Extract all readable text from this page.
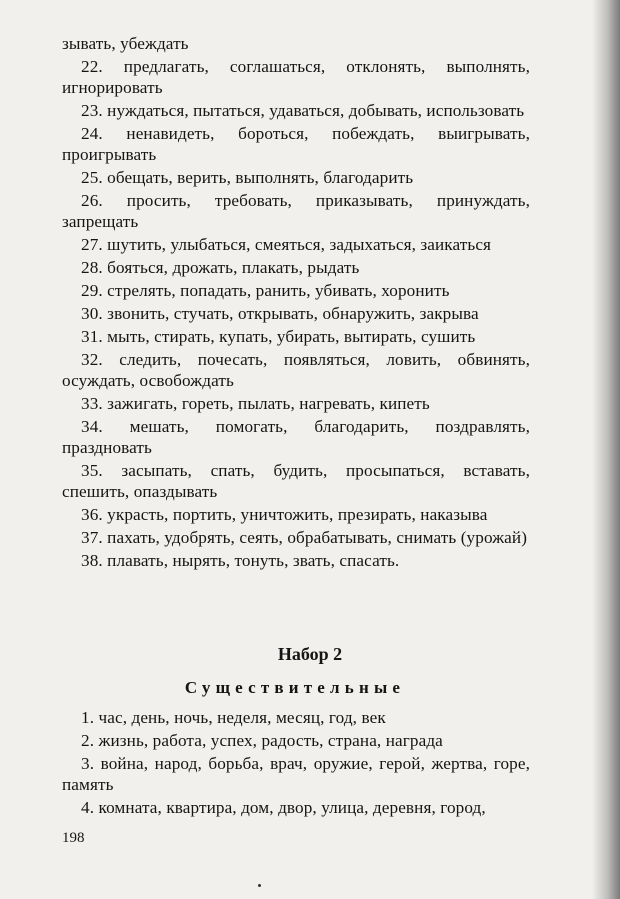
зывать, убеждать

22. предлагать, соглашаться, отклонять, выполнять, игнорировать

23. нуждаться, пытаться, удаваться, добывать, использовать

24. ненавидеть, бороться, побеждать, выигрывать, проигрывать

25. обещать, верить, выполнять, благодарить

26. просить, требовать, приказывать, принуждать, запрещать

27. шутить, улыбаться, смеяться, задыхаться, заикаться

28. бояться, дрожать, плакать, рыдать

29. стрелять, попадать, ранить, убивать, хоронить

30. звонить, стучать, открывать, обнаружить, закрыва

31. мыть, стирать, купать, убирать, вытирать, сушить

32. следить, почесать, появляться, ловить, обвинять, осуждать, освобождать

33. зажигать, гореть, пылать, нагревать, кипеть

34. мешать, помогать, благодарить, поздравлять, праздновать

35. засыпать, спать, будить, просыпаться, вставать, спешить, опаздывать

36. украсть, портить, уничтожить, презирать, наказыва

37. пахать, удобрять, сеять, обрабатывать, снимать (урожай)

38. плавать, нырять, тонуть, звать, спасать.

Набор 2
Существительные

1. час, день, ночь, неделя, месяц, год, век

2. жизнь, работа, успех, радость, страна, награда

3. война, народ, борьба, врач, оружие, герой, жертва, горе, память

4. комната, квартира, дом, двор, улица, деревня, город,

198
